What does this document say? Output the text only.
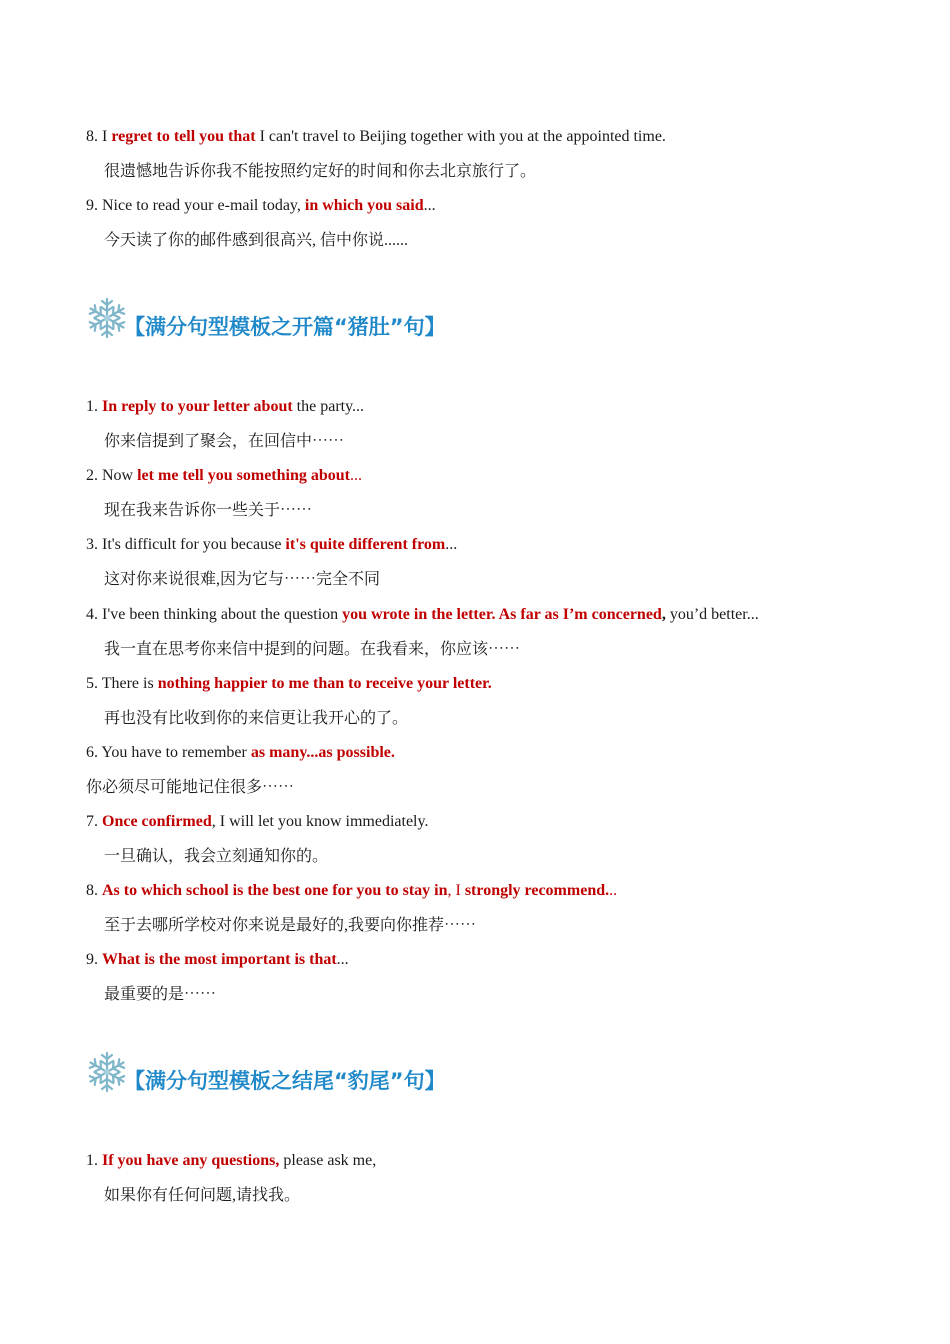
8. I regret to tell you that I can't travel to Beijing together with you at the appointed time.
很遗憾地告诉你我不能按照约定好的时间和你去北京旅行了。
9. Nice to read your e-mail today, in which you said...
今天读了你的邮件感到很高兴, 信中你说......
【满分句型模板之开篇“猪肚”句】
1. In reply to your letter about the party...
你来信提到了聚会，在回信中⋯⋯
2. Now let me tell you something about...
现在我来告诉你一些关于⋯⋯
3. It's difficult for you because it's quite different from...
这对你来说很难,因为它与⋯⋯完全不同
4. I've been thinking about the question you wrote in the letter. As far as I’m concerned, you’d better...
我一直在思考你来信中提到的问题。在我看来，你应该⋯⋯
5. There is nothing happier to me than to receive your letter.
再也没有比收到你的来信更让我开心的了。
6. You have to remember as many...as possible.
你必须尽可能地记住很多⋯⋯
7. Once confirmed, I will let you know immediately.
一旦确认，我会立刻通知你的。
8. As to which school is the best one for you to stay in, I strongly recommend...
至于去哪所学校对你来说是最好的,我要向你推荐⋯⋯
9. What is the most important is that...
最重要的是⋯⋯
【满分句型模板之结尾“豹尾”句】
1. If you have any questions, please ask me,
如果你有任何问题,请找我。
